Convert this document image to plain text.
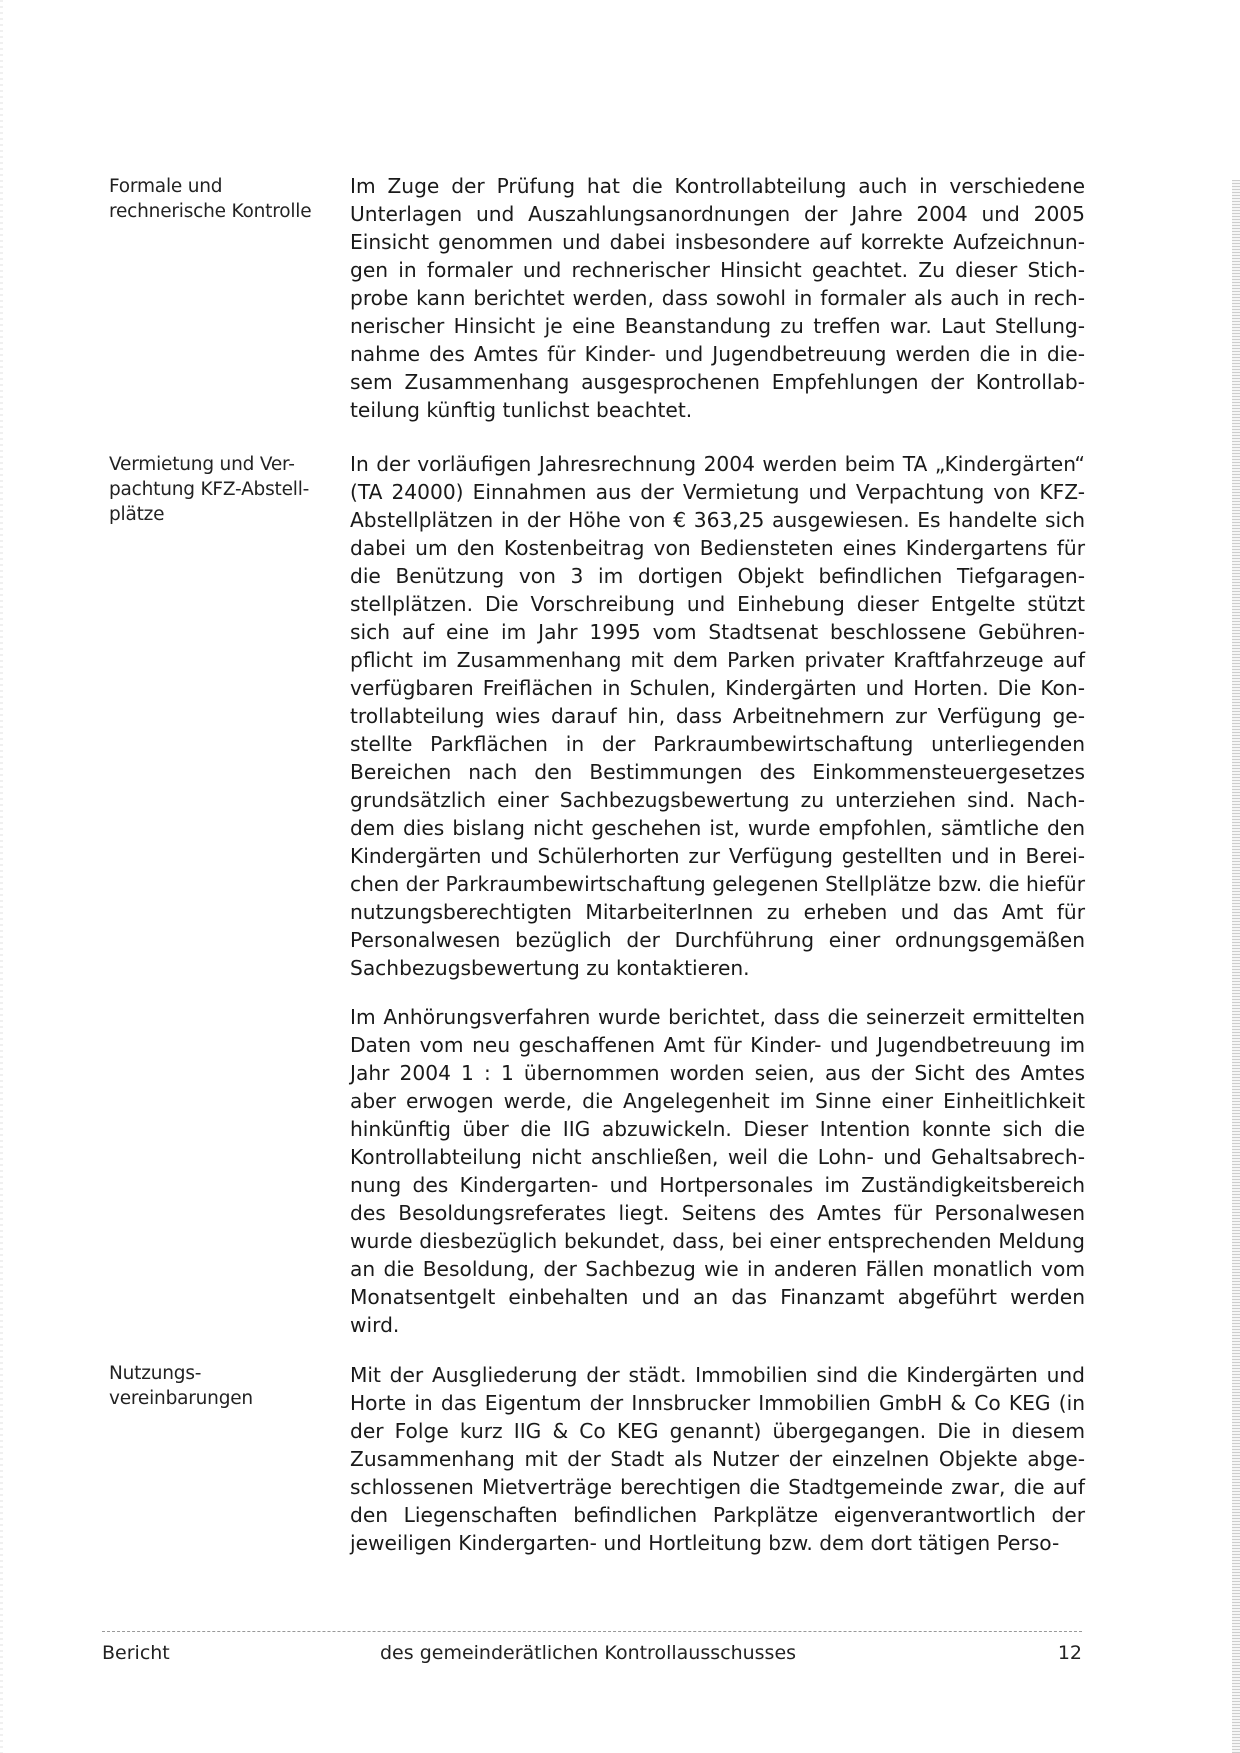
Formale und
rechnerische Kontrolle

Im Zuge der Prüfung hat die Kontrollabteilung auch in verschiedene Unterlagen und Auszahlungsanordnungen der Jahre 2004 und 2005 Einsicht genommen und dabei insbesondere auf korrekte Aufzeichnungen in formaler und rechnerischer Hinsicht geachtet. Zu dieser Stichprobe kann berichtet werden, dass sowohl in formaler als auch in rechnerischer Hinsicht je eine Beanstandung zu treffen war. Laut Stellungnahme des Amtes für Kinder- und Jugendbetreuung werden die in diesem Zusammenhang ausgesprochenen Empfehlungen der Kontrollabteilung künftig tunlichst beachtet.

Vermietung und Ver-
pachtung KFZ-Abstell-
plätze

In der vorläufigen Jahresrechnung 2004 werden beim TA „Kindergärten“ (TA 24000) Einnahmen aus der Vermietung und Verpachtung von KFZ-Abstellplätzen in der Höhe von € 363,25 ausgewiesen. Es handelte sich dabei um den Kostenbeitrag von Bediensteten eines Kindergartens für die Benützung von 3 im dortigen Objekt befindlichen Tiefgaragenstellplätzen. Die Vorschreibung und Einhebung dieser Entgelte stützt sich auf eine im Jahr 1995 vom Stadtsenat beschlossene Gebührenpflicht im Zusammenhang mit dem Parken privater Kraftfahrzeuge auf verfügbaren Freiflächen in Schulen, Kindergärten und Horten. Die Kontrollabteilung wies darauf hin, dass Arbeitnehmern zur Verfügung gestellte Parkflächen in der Parkraumbewirtschaftung unterliegenden Bereichen nach den Bestimmungen des Einkommensteuergesetzes grundsätzlich einer Sachbezugsbewertung zu unterziehen sind. Nachdem dies bislang nicht geschehen ist, wurde empfohlen, sämtliche den Kindergärten und Schülerhorten zur Verfügung gestellten und in Bereichen der Parkraumbewirtschaftung gelegenen Stellplätze bzw. die hiefür nutzungsberechtigten MitarbeiterInnen zu erheben und das Amt für Personalwesen bezüglich der Durchführung einer ordnungsgemäßen Sachbezugsbewertung zu kontaktieren.

Im Anhörungsverfahren wurde berichtet, dass die seinerzeit ermittelten Daten vom neu geschaffenen Amt für Kinder- und Jugendbetreuung im Jahr 2004 1 : 1 übernommen worden seien, aus der Sicht des Amtes aber erwogen werde, die Angelegenheit im Sinne einer Einheitlichkeit hinkünftig über die IIG abzuwickeln. Dieser Intention konnte sich die Kontrollabteilung nicht anschließen, weil die Lohn- und Gehaltsabrechnung des Kindergarten- und Hortpersonales im Zuständigkeitsbereich des Besoldungsreferates liegt. Seitens des Amtes für Personalwesen wurde diesbezüglich bekundet, dass, bei einer entsprechenden Meldung an die Besoldung, der Sachbezug wie in anderen Fällen monatlich vom Monatsentgelt einbehalten und an das Finanzamt abgeführt werden wird.

Nutzungs-
vereinbarungen

Mit der Ausgliederung der städt. Immobilien sind die Kindergärten und Horte in das Eigentum der Innsbrucker Immobilien GmbH & Co KEG (in der Folge kurz IIG & Co KEG genannt) übergegangen. Die in diesem Zusammenhang mit der Stadt als Nutzer der einzelnen Objekte abgeschlossenen Mietverträge berechtigen die Stadtgemeinde zwar, die auf den Liegenschaften befindlichen Parkplätze eigenverantwortlich der jeweiligen Kindergarten- und Hortleitung bzw. dem dort tätigen Perso-

Bericht	des gemeinderätlichen Kontrollausschusses	12
